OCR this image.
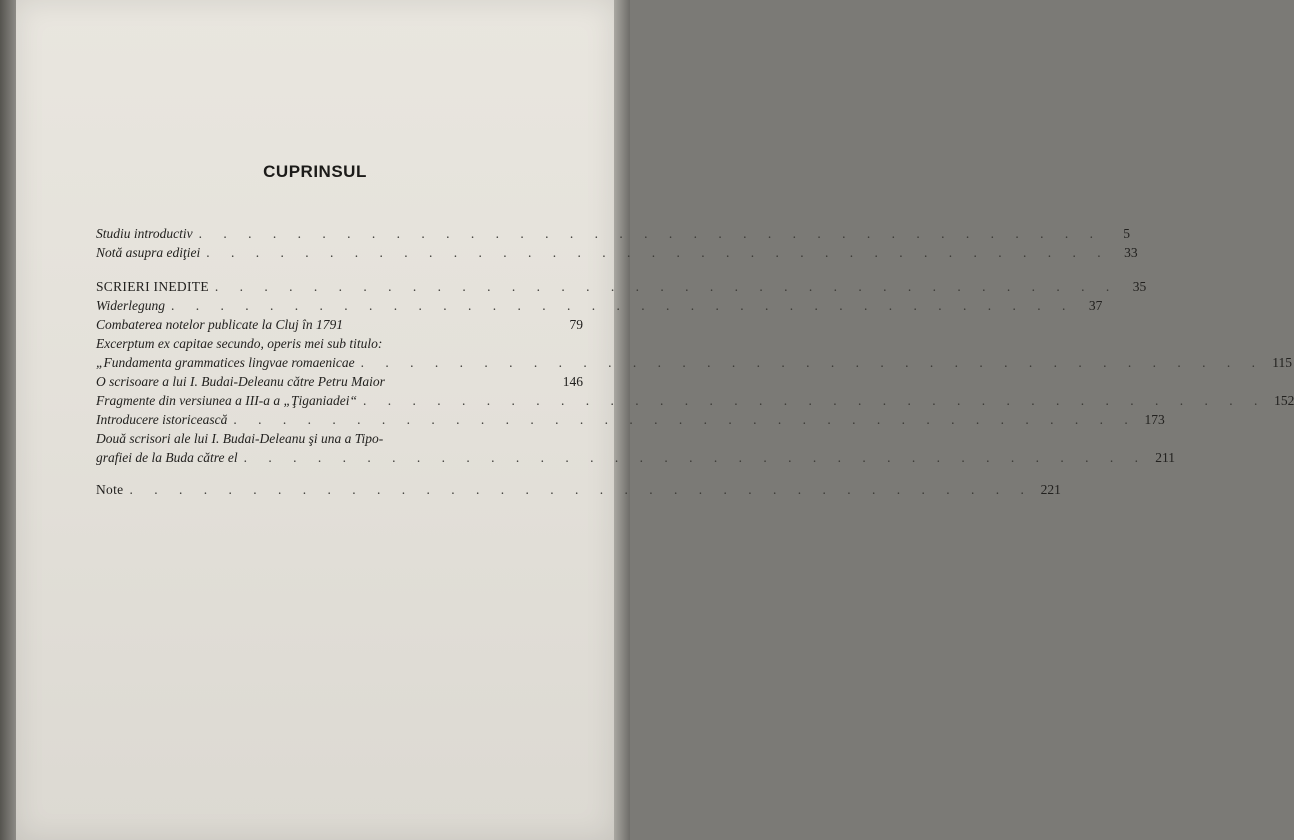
CUPRINSUL
Studiu introductiv . . . . . . . . . . . . . . . . . . . . . . . . . . . . . . . . . . . . .	5
Notă asupra ediţiei . . . . . . . . . . . . . . . . . . . . . . . . . . . . . . . . . . . . .	33
SCRIERI INEDITE . . . . . . . . . . . . . . . . . . . . . . . . . . . . . . . . . . . . .	35
Widerlegung . . . . . . . . . . . . . . . . . . . . . . . . . . . . . . . . . . . . .	37
Combaterea notelor publicate la Cluj în 1791	79
Excerptum ex capitae secundo, operis mei sub titulo:
„Fundamenta grammatices lingvae romaenicae . . . . . . . . . . . . . . . . . . . . . . . . . . . . . . . . . . . . . 115
O scrisoare a lui I. Budai-Deleanu către Petru Maior	146
Fragmente din versiunea a III-a a „Ţiganiadei“ . . . . . . . . . . . . . . . . . . . . . . . . . . . . . . . . . . . . . 152
Introducere istoricească . . . . . . . . . . . . . . . . . . . . . . . . . . . . . . . . . . . . . 173
Două scrisori ale lui I. Budai-Deleanu şi una a Tipo-
grafiei de la Buda către el . . . . . . . . . . . . . . . . . . . . . . . . . . . . . . . . . . . . . 211
Note . . . . . . . . . . . . . . . . . . . . . . . . . . . . . . . . . . . . . 221
